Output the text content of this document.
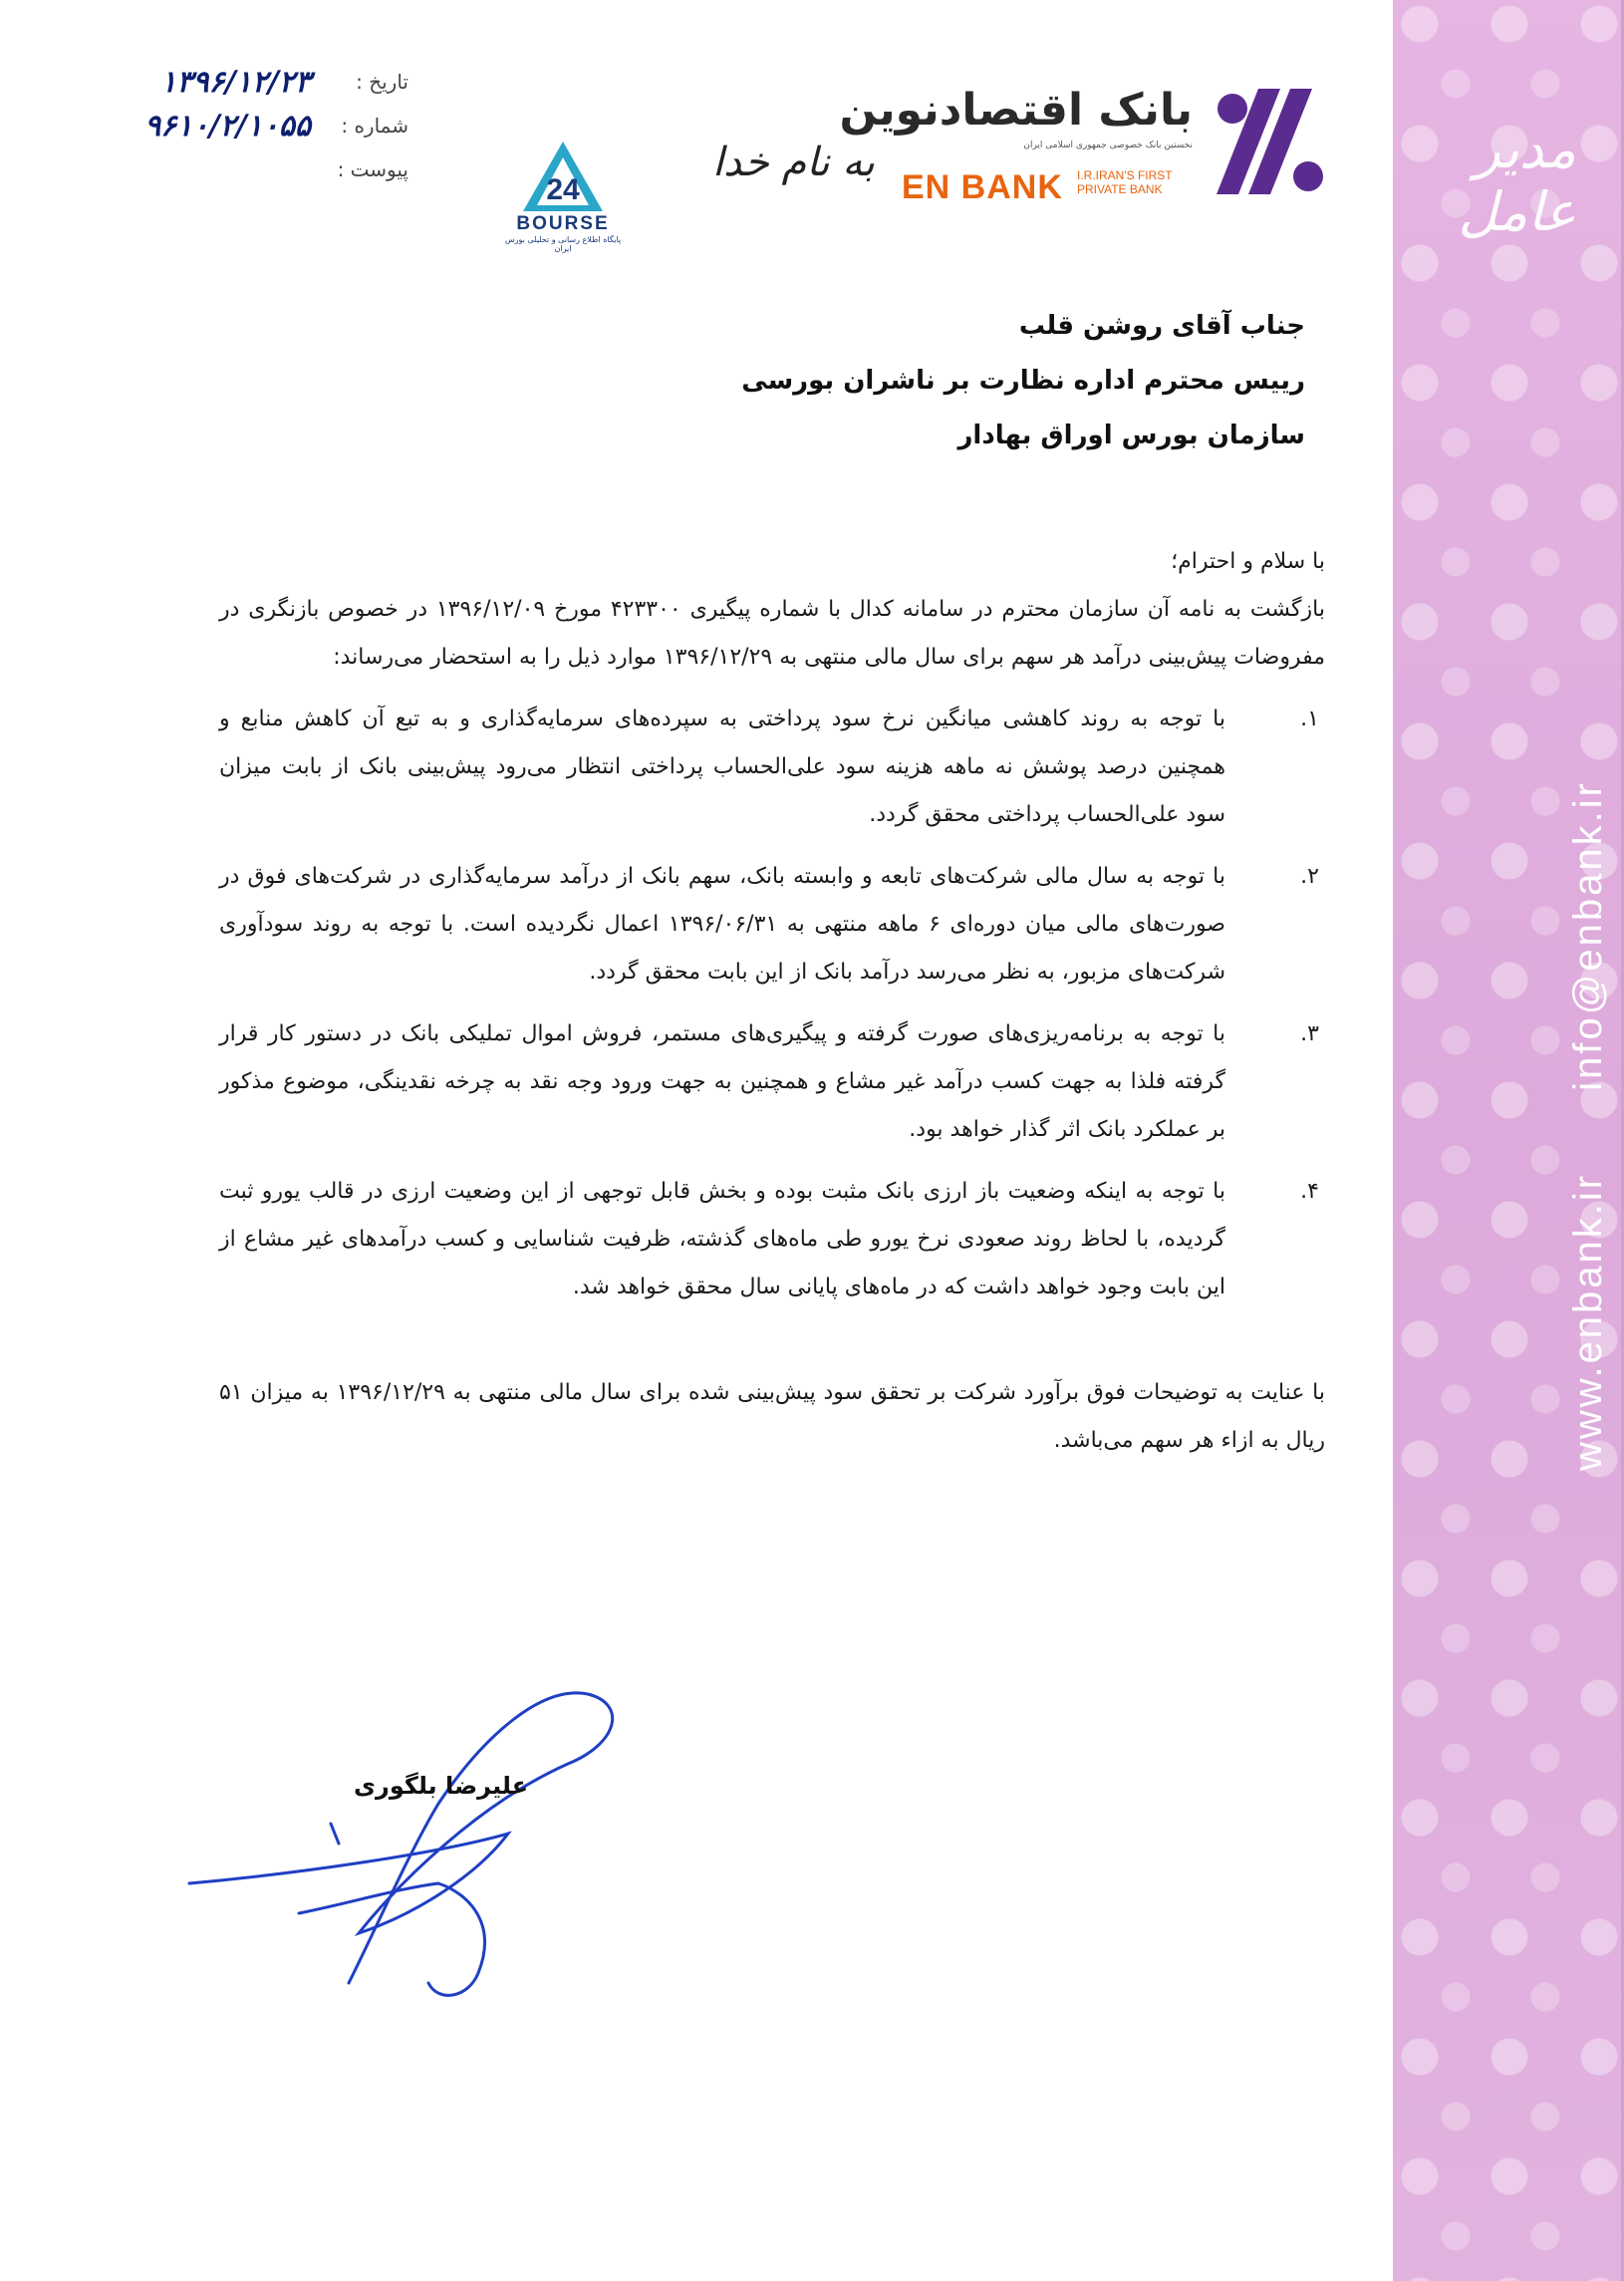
مدیر عامل
www.enbank.ir info@enbank.ir
تاریخ :
۱۳۹۶/۱۲/۲۳
شماره :
۹۶۱۰/۲/۱۰۵۵
پیوست :
24
BOURSE
پایگاه اطلاع رسانی و تحلیلی بورس ایران
به نام خدا
بانک اقتصادنوین
نخستین بانک خصوصی جمهوری اسلامی ایران
EN BANK I.R.IRAN'S FIRST
PRIVATE BANK
جناب آقای روشن قلب
رییس محترم اداره نظارت بر ناشران بورسی
سازمان بورس اوراق بهادار
با سلام و احترام؛
بازگشت به نامه آن سازمان محترم در سامانه کدال با شماره پیگیری ۴۲۳۳۰۰ مورخ ۱۳۹۶/۱۲/۰۹ در خصوص بازنگری در مفروضات پیش‌بینی درآمد هر سهم برای سال مالی منتهی به ۱۳۹۶/۱۲/۲۹ موارد ذیل را به استحضار می‌رساند:
۱.
با توجه به روند کاهشی میانگین نرخ سود پرداختی به سپرده‌های سرمایه‌گذاری و به تبع آن کاهش منابع و همچنین درصد پوشش نه ماهه هزینه سود علی‌الحساب پرداختی انتظار می‌رود پیش‌بینی بانک از بابت میزان سود علی‌الحساب پرداختی محقق گردد.
۲.
با توجه به سال مالی شرکت‌های تابعه و وابسته بانک، سهم بانک از درآمد سرمایه‌گذاری در شرکت‌های فوق در صورت‌های مالی میان دوره‌ای ۶ ماهه منتهی به ۱۳۹۶/۰۶/۳۱ اعمال نگردیده است. با توجه به روند سودآوری شرکت‌های مزبور، به نظر می‌رسد درآمد بانک از این بابت محقق گردد.
۳.
با توجه به برنامه‌ریزی‌های صورت گرفته و پیگیری‌های مستمر، فروش اموال تملیکی بانک در دستور کار قرار گرفته فلذا به جهت کسب درآمد غیر مشاع و همچنین به جهت ورود وجه نقد به چرخه نقدینگی، موضوع مذکور بر عملکرد بانک اثر گذار خواهد بود.
۴.
با توجه به اینکه وضعیت باز ارزی بانک مثبت بوده و بخش قابل توجهی از این وضعیت ارزی در قالب یورو ثبت گردیده، با لحاظ روند صعودی نرخ یورو طی ماه‌های گذشته، ظرفیت شناسایی و کسب درآمدهای غیر مشاع از این بابت وجود خواهد داشت که در ماه‌های پایانی سال محقق خواهد شد.
با عنایت به توضیحات فوق برآورد شرکت بر تحقق سود پیش‌بینی شده برای سال مالی منتهی به ۱۳۹۶/۱۲/۲۹ به میزان ۵۱ ریال به ازاء هر سهم می‌باشد.
علیرضا بلگوری
